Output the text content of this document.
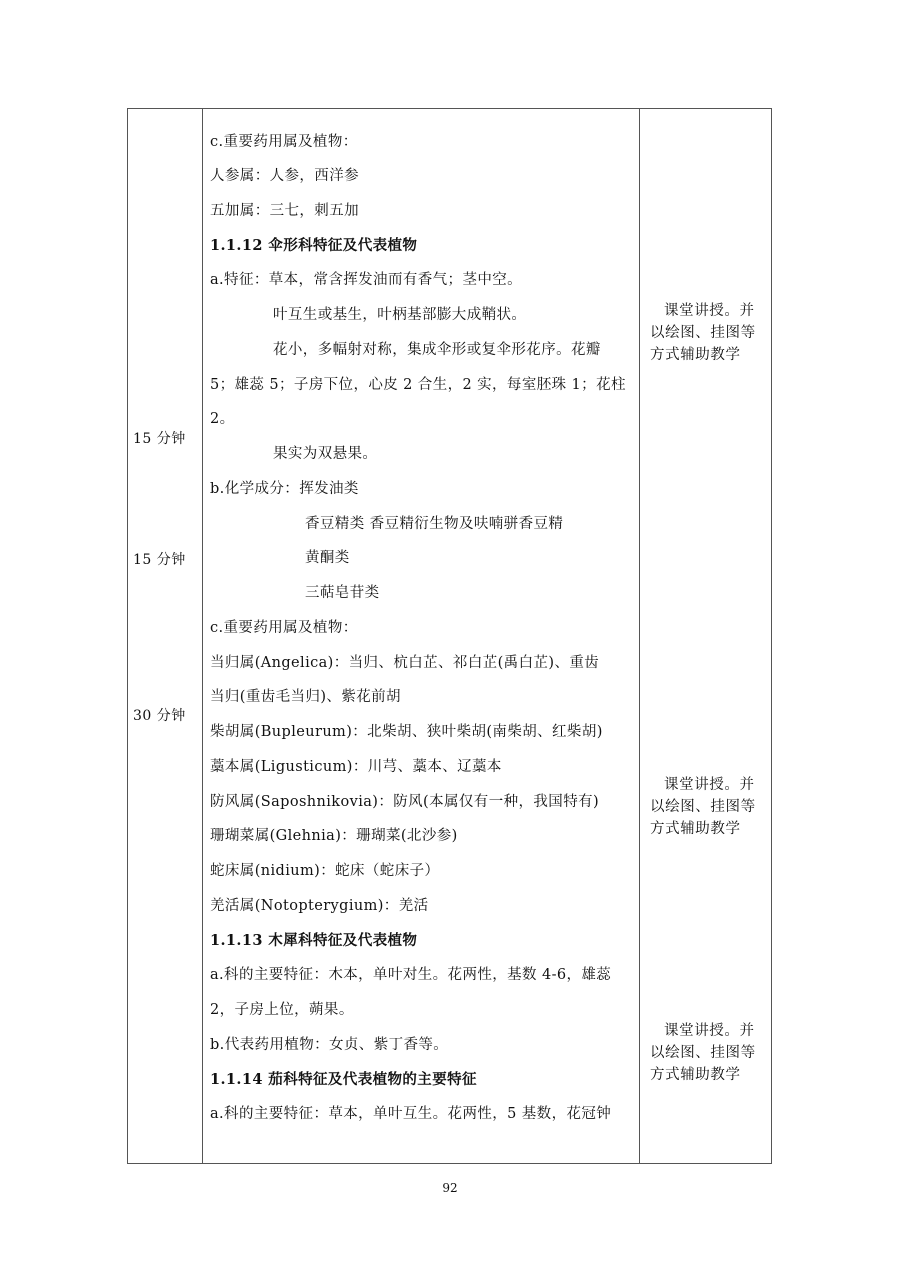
15 分钟
15 分钟
30 分钟
c.重要药用属及植物：
人参属：人参，西洋参
五加属：三七，刺五加
1.1.12 伞形科特征及代表植物
a.特征：草本，常含挥发油而有香气；茎中空。
叶互生或基生，叶柄基部膨大成鞘状。
花小，多幅射对称，集成伞形或复伞形花序。花瓣
5；雄蕊 5；子房下位，心皮 2 合生，2 实，每室胚珠 1；花柱
2。
果实为双悬果。
b.化学成分：挥发油类
香豆精类 香豆精衍生物及呋喃骈香豆精
黄酮类
三萜皂苷类
c.重要药用属及植物：
当归属(Angelica)：当归、杭白芷、祁白芷(禹白芷)、重齿
当归(重齿毛当归)、紫花前胡
柴胡属(Bupleurum)：北柴胡、狭叶柴胡(南柴胡、红柴胡)
藁本属(Ligusticum)：川芎、藁本、辽藁本
防风属(Saposhnikovia)：防风(本属仅有一种，我国特有)
珊瑚菜属(Glehnia)：珊瑚菜(北沙参)
蛇床属(nidium)：蛇床（蛇床子）
羌活属(Notopterygium)：羌活
1.1.13 木犀科特征及代表植物
a.科的主要特征：木本，单叶对生。花两性，基数 4-6，雄蕊
2，子房上位，蒴果。
b.代表药用植物：女贞、紫丁香等。
1.1.14 茄科特征及代表植物的主要特征
a.科的主要特征：草本，单叶互生。花两性，5 基数，花冠钟
课堂讲授。并
以绘图、挂图等
方式辅助教学
课堂讲授。并
以绘图、挂图等
方式辅助教学
课堂讲授。并
以绘图、挂图等
方式辅助教学
92
